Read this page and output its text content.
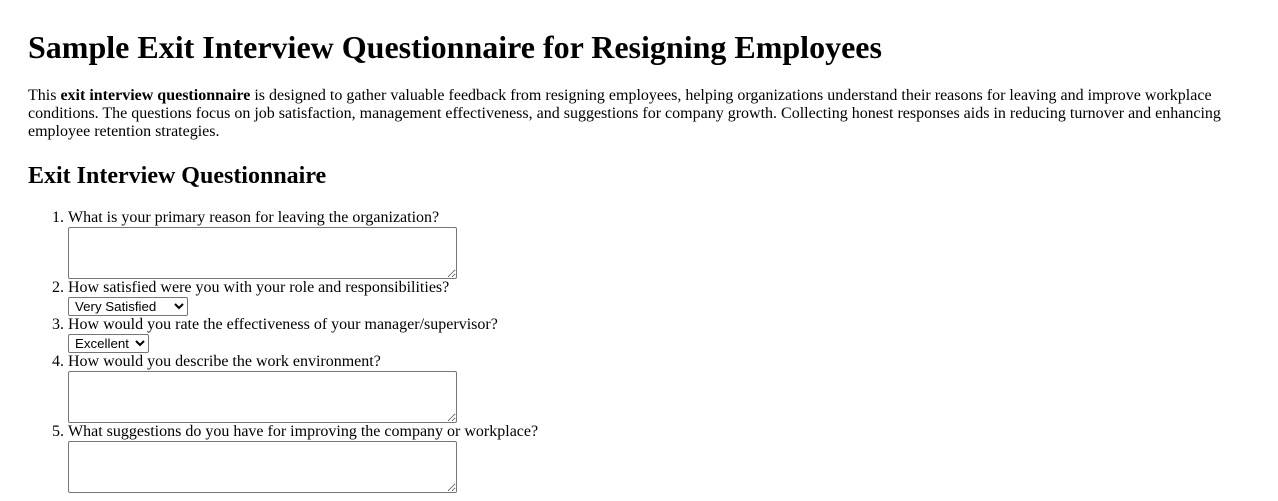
Sample Exit Interview Questionnaire for Resigning Employees

This exit interview questionnaire is designed to gather valuable feedback from resigning employees, helping organizations understand their reasons for leaving and improve workplace conditions. The questions focus on job satisfaction, management effectiveness, and suggestions for company growth. Collecting honest responses aids in reducing turnover and enhancing employee retention strategies.

Exit Interview Questionnaire
1. What is your primary reason for leaving the organization?
2. How satisfied were you with your role and responsibilities?
Very Satisfied
3. How would you rate the effectiveness of your manager/supervisor?
Excellent
4. How would you describe the work environment?
5. What suggestions do you have for improving the company or workplace?
